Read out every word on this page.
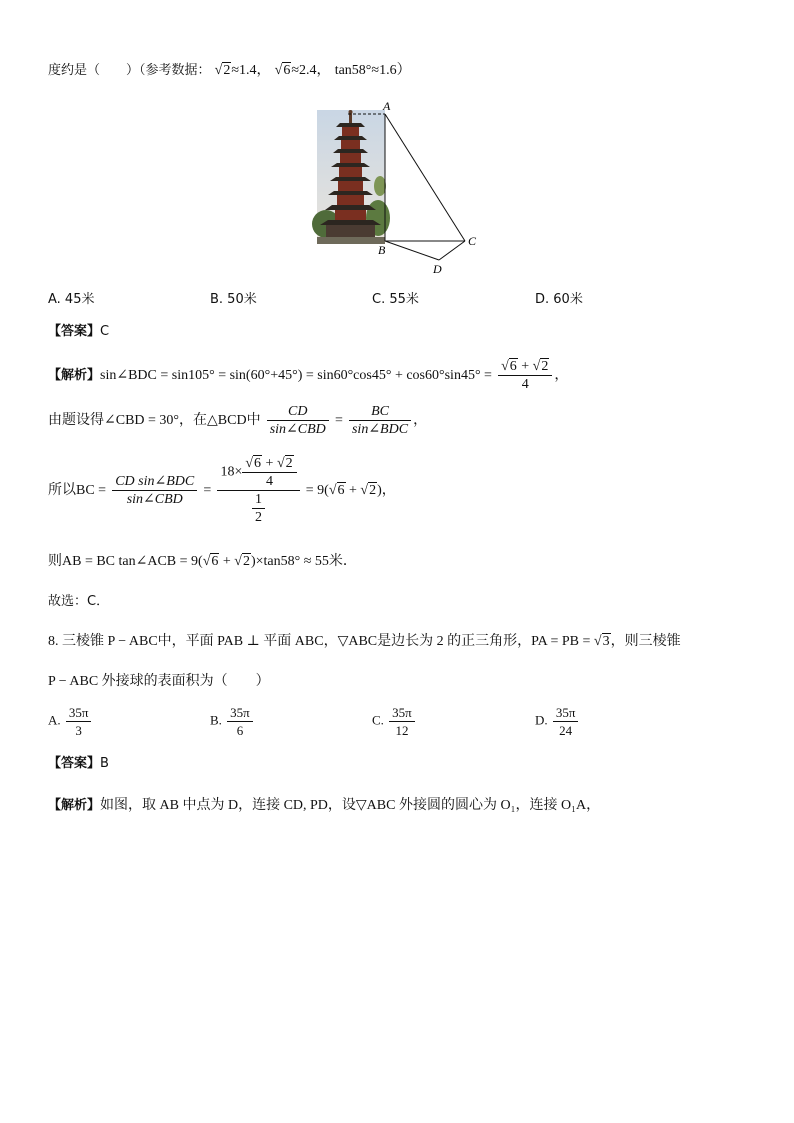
度约是（　　）（参考数据： √2≈1.4， √6≈2.4， tan58°≈1.6）
A
B
C
D
A. 45米	B. 50米	C. 55米	D. 60米
【答案】C
【解析】sin∠BDC = $\sin 105^\circ = \sin(60^\circ+45^\circ) = \sin 60^\circ\cos 45^\circ + \cos 60^\circ\sin 45^\circ = \frac{√6 + √2}{4}$ ，
由题设得∠CBD = 30°，在△BCD中 $\frac{CD}{\text{sin∠CBD}} = \frac{BC}{\text{sin∠BDC}}$ ，
所以BC = $\frac{\text{CD sin∠BDC}}{\text{sin∠CBD}} = \frac{18\times \frac{√6 + √2}{4}}{\frac{1}{2}} = 9(√6 + √2)$，
则AB = BC tan∠ACB = 9(√6 + √2)×tan58° ≈ 55米．
故选：C．
8. 三棱锥 P − ABC中，平面 PAB ⊥ 平面 ABC，▽ABC是边长为 2 的正三角形，PA = PB = √3，则三棱锥
P − ABC 外接球的表面积为（　　）
A. $\frac{35\pi}{3}$	B. $\frac{35\pi}{6}$	C. $\frac{35\pi}{12}$	D. $\frac{35\pi}{24}$
【答案】B
【解析】如图，取 AB 中点为 D，连接 CD, PD，设▽ABC 外接圆的圆心为 O₁，连接 O₁A，
